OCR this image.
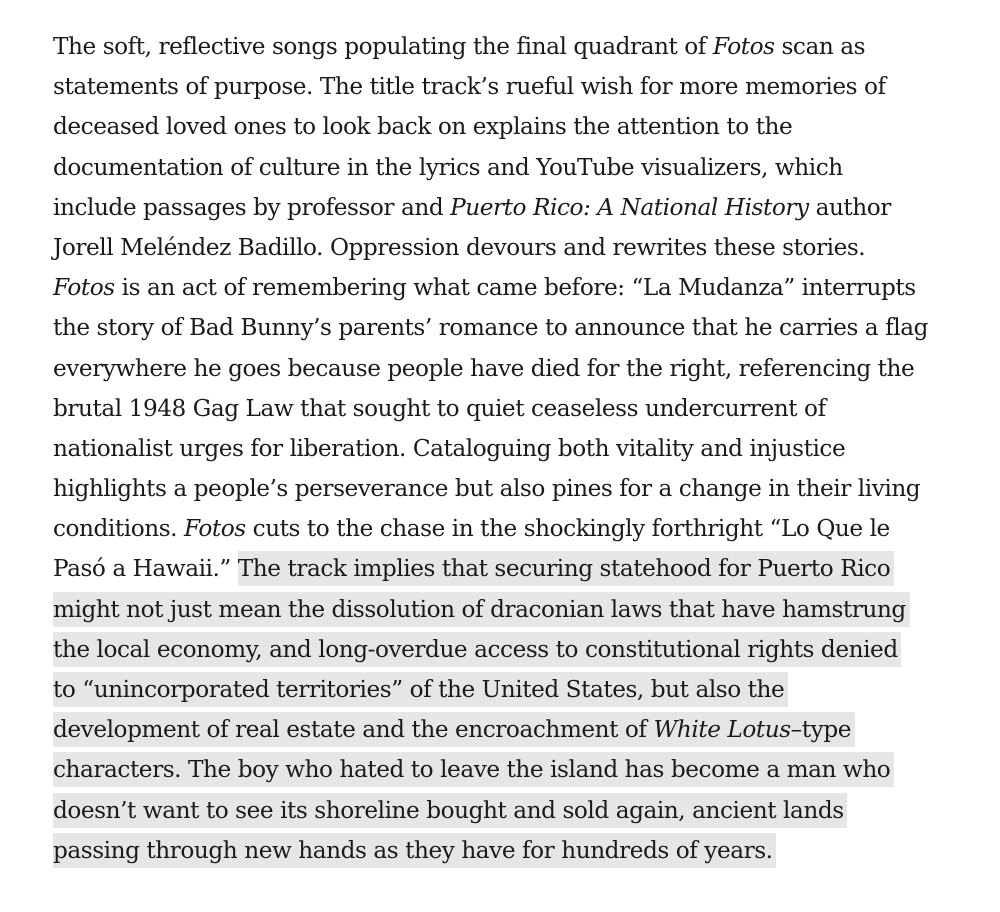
The soft, reflective songs populating the final quadrant of Fotos scan as
statements of purpose. The title track’s rueful wish for more memories of
deceased loved ones to look back on explains the attention to the
documentation of culture in the lyrics and YouTube visualizers, which
include passages by professor and Puerto Rico: A National History author
Jorell Meléndez Badillo. Oppression devours and rewrites these stories.
Fotos is an act of remembering what came before: “La Mudanza” interrupts
the story of Bad Bunny’s parents’ romance to announce that he carries a flag
everywhere he goes because people have died for the right, referencing the
brutal 1948 Gag Law that sought to quiet ceaseless undercurrent of
nationalist urges for liberation. Cataloguing both vitality and injustice
highlights a people’s perseverance but also pines for a change in their living
conditions. Fotos cuts to the chase in the shockingly forthright “Lo Que le
Pasó a Hawaii.” The track implies that securing statehood for Puerto Rico  
might not just mean the dissolution of draconian laws that have hamstrung  
the local economy, and long-overdue access to constitutional rights denied  
to “unincorporated territories” of the United States, but also the  
development of real estate and the encroachment of White Lotus–type  
characters. The boy who hated to leave the island has become a man who  
doesn’t want to see its shoreline bought and sold again, ancient lands  
passing through new hands as they have for hundreds of years.  
